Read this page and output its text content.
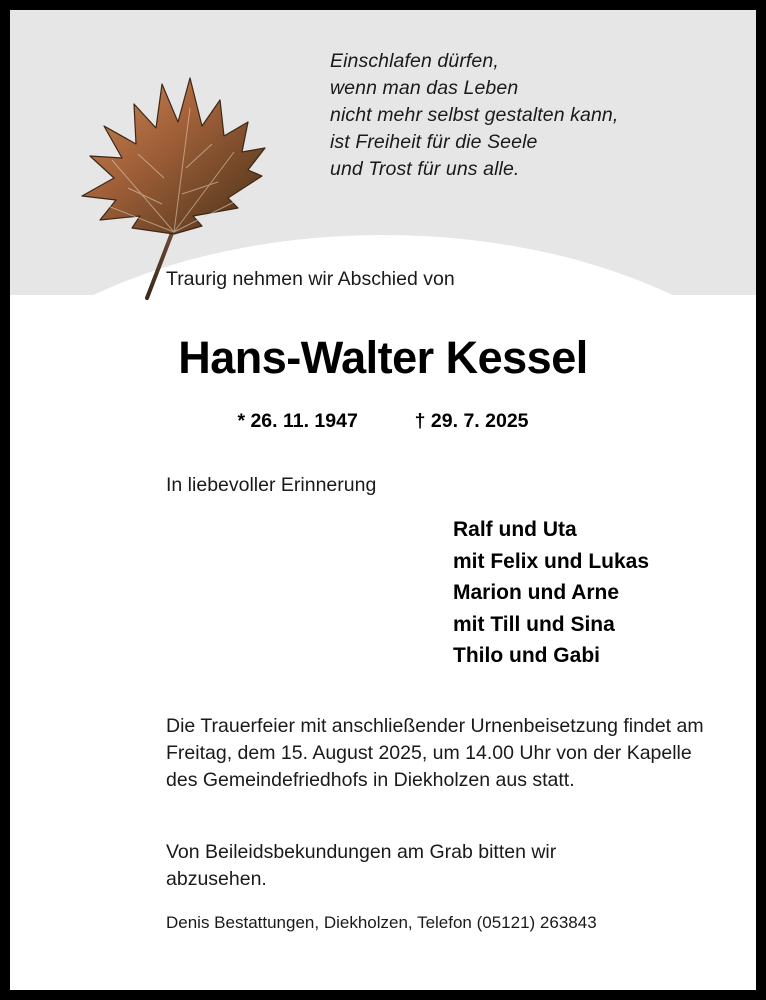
Einschlafen dürfen,
wenn man das Leben
nicht mehr selbst gestalten kann,
ist Freiheit für die Seele
und Trost für uns alle.
Traurig nehmen wir Abschied von
Hans-Walter Kessel
* 26. 11. 1947	† 29. 7. 2025
In liebevoller Erinnerung
Ralf und Uta
mit Felix und Lukas
Marion und Arne
mit Till und Sina
Thilo und Gabi
Die Trauerfeier mit anschließender Urnenbeisetzung findet am Freitag, dem 15. August 2025, um 14.00 Uhr von der Kapelle des Gemeindefriedhofs in Diekholzen aus statt.
Von Beileidsbekundungen am Grab bitten wir
abzusehen.
Denis Bestattungen, Diekholzen, Telefon (05121) 263843
